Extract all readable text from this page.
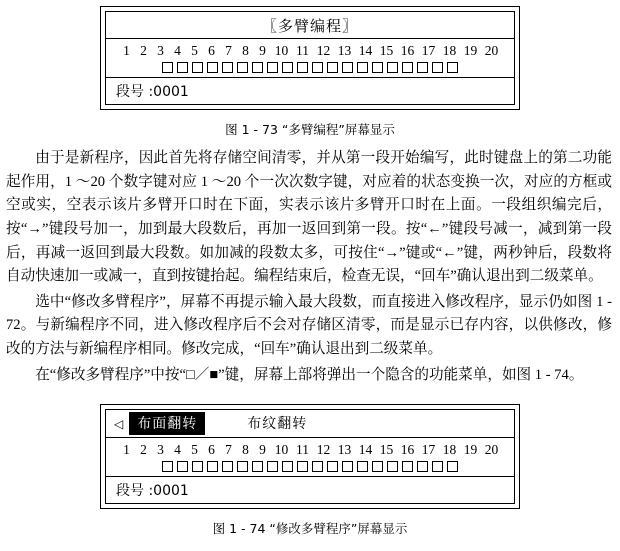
〖多臂编程〗
1 2 3 4 5 6 7 8 9 10 11 12 13 14 15 16 17 18 19 20
段号 :0001
图 1 - 73 “多臂编程”屏幕显示

由于是新程序，因此首先将存储空间清零，并从第一段开始编写，此时键盘上的第二功能起作用，1 ～20 个数字键对应 1 ～20 个一次次数字键，对应着的状态变换一次，对应的方框或空或实，空表示该片多臂开口时在下面，实表示该片多臂开口时在上面。一段组织编完后，按“→”键段号加一，加到最大段数后，再加一返回到第一段。按“←”键段号减一，减到第一段后，再减一返回到最大段数。如加减的段数太多，可按住“→”键或“←”键，两秒钟后，段数将自动快速加一或减一，直到按键抬起。编程结束后，检查无误，“回车”确认退出到二级菜单。

选中“修改多臂程序”，屏幕不再提示输入最大段数，而直接进入修改程序，显示仍如图 1 - 72。与新编程序不同，进入修改程序后不会对存储区清零，而是显示已存内容，以供修改，修改的方法与新编程序相同。修改完成，“回车”确认退出到二级菜单。

在“修改多臂程序”中按“□／■”键，屏幕上部将弹出一个隐含的功能菜单，如图 1 - 74。

◁	布面翻转	布纹翻转
1 2 3 4 5 6 7 8 9 10 11 12 13 14 15 16 17 18 19 20
段号 :0001
图 1 - 74 “修改多臂程序”屏幕显示
